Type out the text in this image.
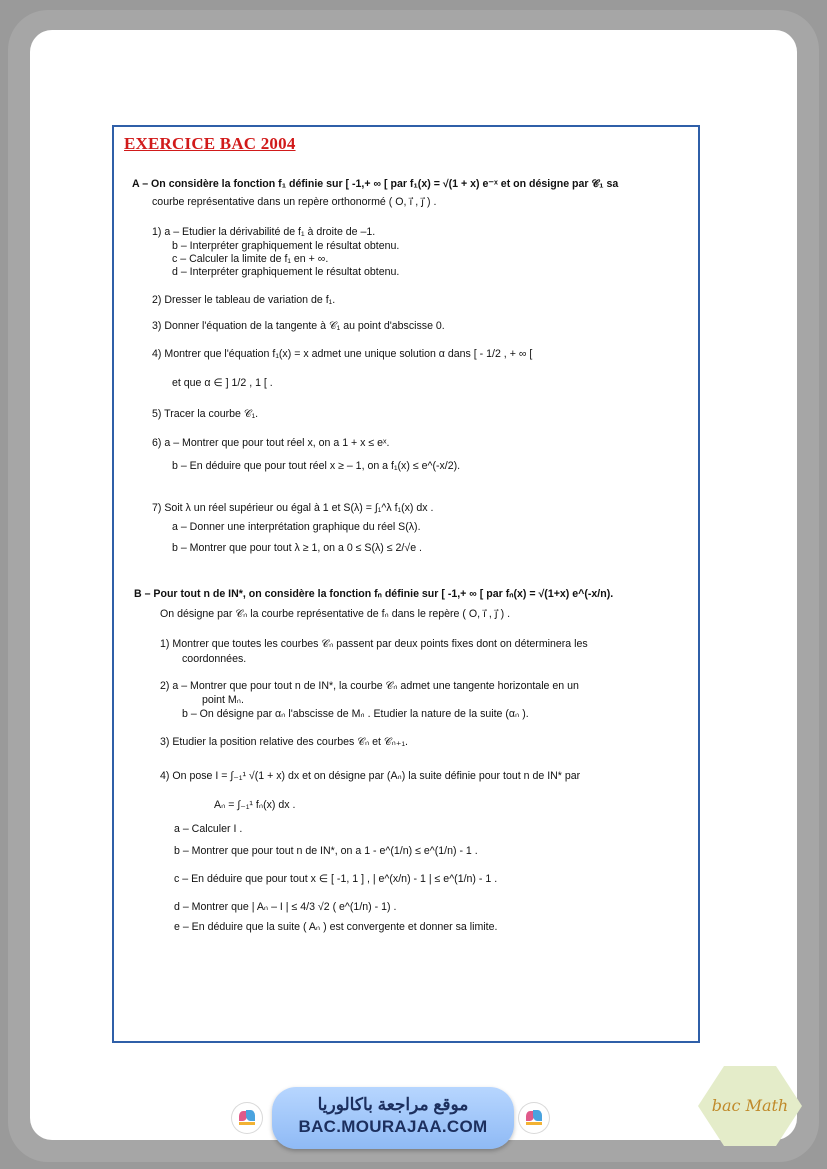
EXERCICE BAC 2004
A – On considère la fonction f₁ définie sur [ -1,+ ∞ [ par f₁(x) = √(1 + x) e⁻ˣ et on désigne par 𝒞₁ sa
courbe représentative dans un repère orthonormé ( O, i⃗ , j⃗ ) .
1) a – Etudier la dérivabilité de f₁ à droite de –1.
b – Interpréter graphiquement le résultat obtenu.
c – Calculer la limite de f₁ en + ∞.
d – Interpréter graphiquement le résultat obtenu.
2) Dresser le tableau de variation de f₁.
3) Donner l'équation de la tangente à 𝒞₁ au point d'abscisse 0.
4) Montrer que l'équation f₁(x) = x admet une unique solution α dans [ - 1/2 , + ∞ [
et que α ∈ ] 1/2 , 1 [ .
5) Tracer la courbe 𝒞₁.
6) a – Montrer que pour tout réel x, on a 1 + x ≤ eˣ.
b – En déduire que pour tout réel x ≥ – 1, on a f₁(x) ≤ e^(-x/2).
7) Soit λ un réel supérieur ou égal à 1 et S(λ) = ∫₁^λ f₁(x) dx .
a – Donner une interprétation graphique du réel S(λ).
b – Montrer que pour tout λ ≥ 1, on a 0 ≤ S(λ) ≤ 2/√e .
B – Pour tout n de IN*, on considère la fonction fₙ définie sur [ -1,+ ∞ [ par fₙ(x) = √(1+x) e^(-x/n).
On désigne par 𝒞ₙ la courbe représentative de fₙ dans le repère ( O, i⃗ , j⃗ ) .
1) Montrer que toutes les courbes 𝒞ₙ passent par deux points fixes dont on déterminera les
coordonnées.
2) a – Montrer que pour tout n de IN*, la courbe 𝒞ₙ admet une tangente horizontale en un
point Mₙ.
b – On désigne par αₙ l'abscisse de Mₙ . Etudier la nature de la suite (αₙ ).
3) Etudier la position relative des courbes 𝒞ₙ et 𝒞ₙ₊₁.
4) On pose I = ∫₋₁¹ √(1 + x) dx et on désigne par (Aₙ) la suite définie pour tout n de IN* par
Aₙ = ∫₋₁¹ fₙ(x) dx .
a – Calculer I .
b – Montrer que pour tout n de IN*, on a 1 - e^(1/n) ≤ e^(1/n) - 1 .
c – En déduire que pour tout x ∈ [ -1, 1 ] , | e^(x/n) - 1 | ≤ e^(1/n) - 1 .
d – Montrer que | Aₙ – I | ≤ 4/3 √2 ( e^(1/n) - 1) .
e – En déduire que la suite ( Aₙ ) est convergente et donner sa limite.
موقع مراجعة باكالوريا
BAC.MOURAJAA.COM
bac Math
